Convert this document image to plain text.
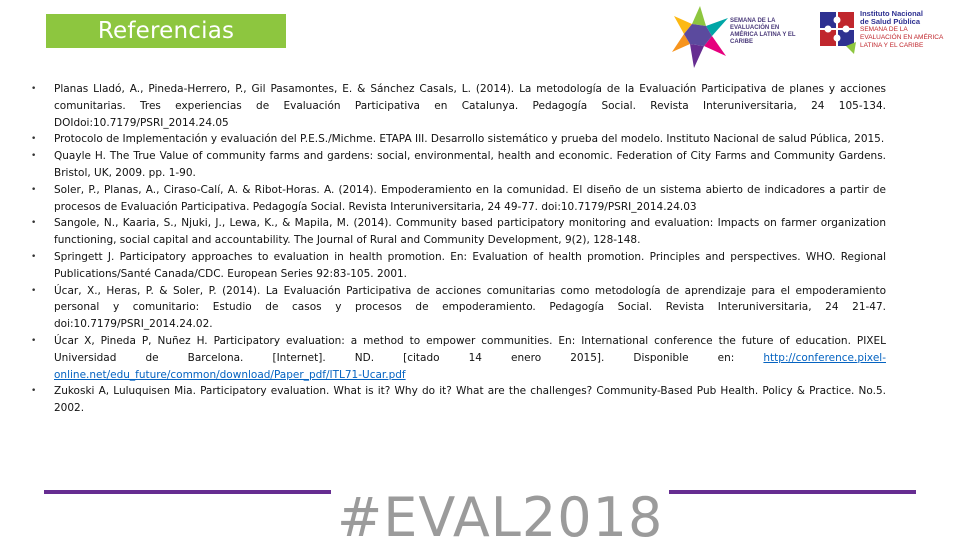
Referencias	SEMANA DE LA EVALUACIÓN EN AMÉRICA LATINA Y EL CARIBE
Instituto Nacional
de Salud Pública
SEMANA DE LA EVALUACIÓN EN AMÉRICA LATINA Y EL CARIBE
• Planas Lladó, A., Pineda-Herrero, P., Gil Pasamontes, E. & Sánchez Casals, L. (2014). La metodología de la Evaluación Participativa de planes y acciones comunitarias. Tres experiencias de Evaluación Participativa en Catalunya. Pedagogía Social. Revista Interuniversitaria, 24 105-134. DOIdoi:10.7179/PSRI_2014.24.05
• Protocolo de Implementación y evaluación del P.E.S./Michme. ETAPA III. Desarrollo sistemático y prueba del modelo. Instituto Nacional de salud Pública, 2015.
• Quayle H. The True Value of community farms and gardens: social, environmental, health and economic. Federation of City Farms and Community Gardens. Bristol, UK, 2009. pp. 1-90.
• Soler, P., Planas, A., Ciraso-Calí, A. & Ribot-Horas. A. (2014). Empoderamiento en la comunidad. El diseño de un sistema abierto de indicadores a partir de procesos de Evaluación Participativa. Pedagogía Social. Revista Interuniversitaria, 24 49-77. doi:10.7179/PSRI_2014.24.03
• Sangole, N., Kaaria, S., Njuki, J., Lewa, K., & Mapila, M. (2014). Community based participatory monitoring and evaluation: Impacts on farmer organization functioning, social capital and accountability. The Journal of Rural and Community Development, 9(2), 128-148.
• Springett J. Participatory approaches to evaluation in health promotion. En: Evaluation of health promotion. Principles and perspectives. WHO. Regional Publications/Santé Canada/CDC. European Series 92:83-105. 2001.
• Úcar, X., Heras, P. & Soler, P. (2014). La Evaluación Participativa de acciones comunitarias como metodología de aprendizaje para el empoderamiento personal y comunitario: Estudio de casos y procesos de empoderamiento. Pedagogía Social. Revista Interuniversitaria, 24 21-47. doi:10.7179/PSRI_2014.24.02.
• Úcar X, Pineda P, Nuñez H. Participatory evaluation: a method to empower communities. En: International conference the future of education. PIXEL Universidad de Barcelona. [Internet]. ND. [citado 14 enero 2015]. Disponible en: http://conference.pixel-online.net/edu_future/common/download/Paper_pdf/ITL71-Ucar.pdf
• Zukoski A, Luluquisen Mia. Participatory evaluation. What is it? Why do it? What are the challenges? Community-Based Pub Health. Policy & Practice. No.5. 2002.
#EVAL2018
